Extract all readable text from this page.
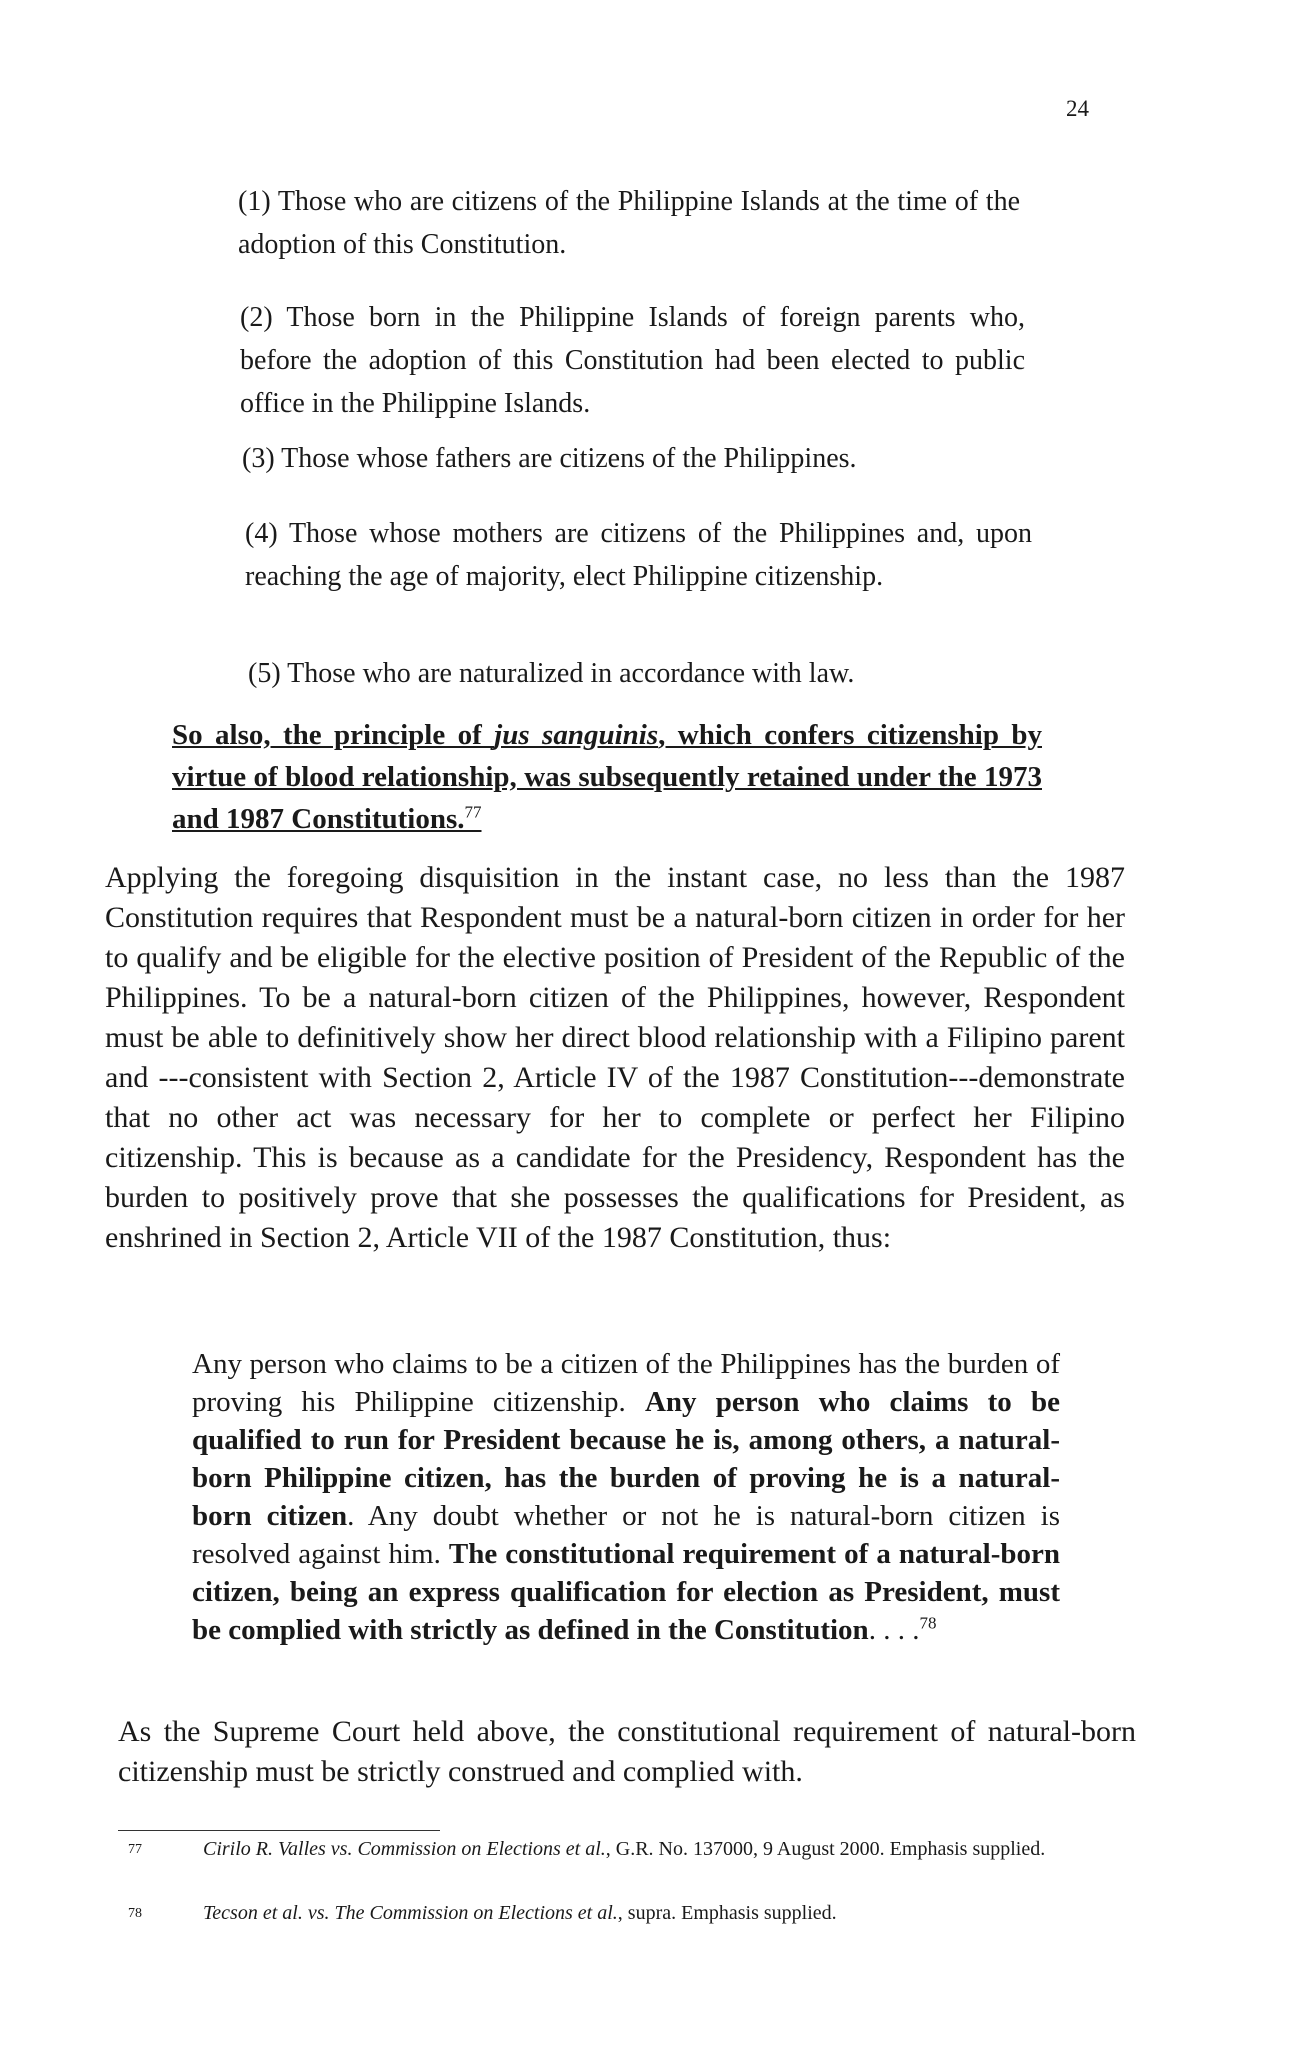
24
(1) Those who are citizens of the Philippine Islands at the time of the adoption of this Constitution.
(2) Those born in the Philippine Islands of foreign parents who, before the adoption of this Constitution had been elected to public office in the Philippine Islands.
(3) Those whose fathers are citizens of the Philippines.
(4) Those whose mothers are citizens of the Philippines and, upon reaching the age of majority, elect Philippine citizenship.
(5) Those who are naturalized in accordance with law.
So also, the principle of jus sanguinis, which confers citizenship by virtue of blood relationship, was subsequently retained under the 1973 and 1987 Constitutions.$^{77}$
Applying the foregoing disquisition in the instant case, no less than the 1987 Constitution requires that Respondent must be a natural-born citizen in order for her to qualify and be eligible for the elective position of President of the Republic of the Philippines. To be a natural-born citizen of the Philippines, however, Respondent must be able to definitively show her direct blood relationship with a Filipino parent and ---consistent with Section 2, Article IV of the 1987 Constitution---demonstrate that no other act was necessary for her to complete or perfect her Filipino citizenship. This is because as a candidate for the Presidency, Respondent has the burden to positively prove that she possesses the qualifications for President, as enshrined in Section 2, Article VII of the 1987 Constitution, thus:
Any person who claims to be a citizen of the Philippines has the burden of proving his Philippine citizenship. Any person who claims to be qualified to run for President because he is, among others, a natural-born Philippine citizen, has the burden of proving he is a natural-born citizen. Any doubt whether or not he is natural-born citizen is resolved against him. The constitutional requirement of a natural-born citizen, being an express qualification for election as President, must be complied with strictly as defined in the Constitution. . . .$^{78}$
As the Supreme Court held above, the constitutional requirement of natural-born citizenship must be strictly construed and complied with.
77	Cirilo R. Valles vs. Commission on Elections et al., G.R. No. 137000, 9 August 2000. Emphasis supplied.
78	Tecson et al. vs. The Commission on Elections et al., supra. Emphasis supplied.
